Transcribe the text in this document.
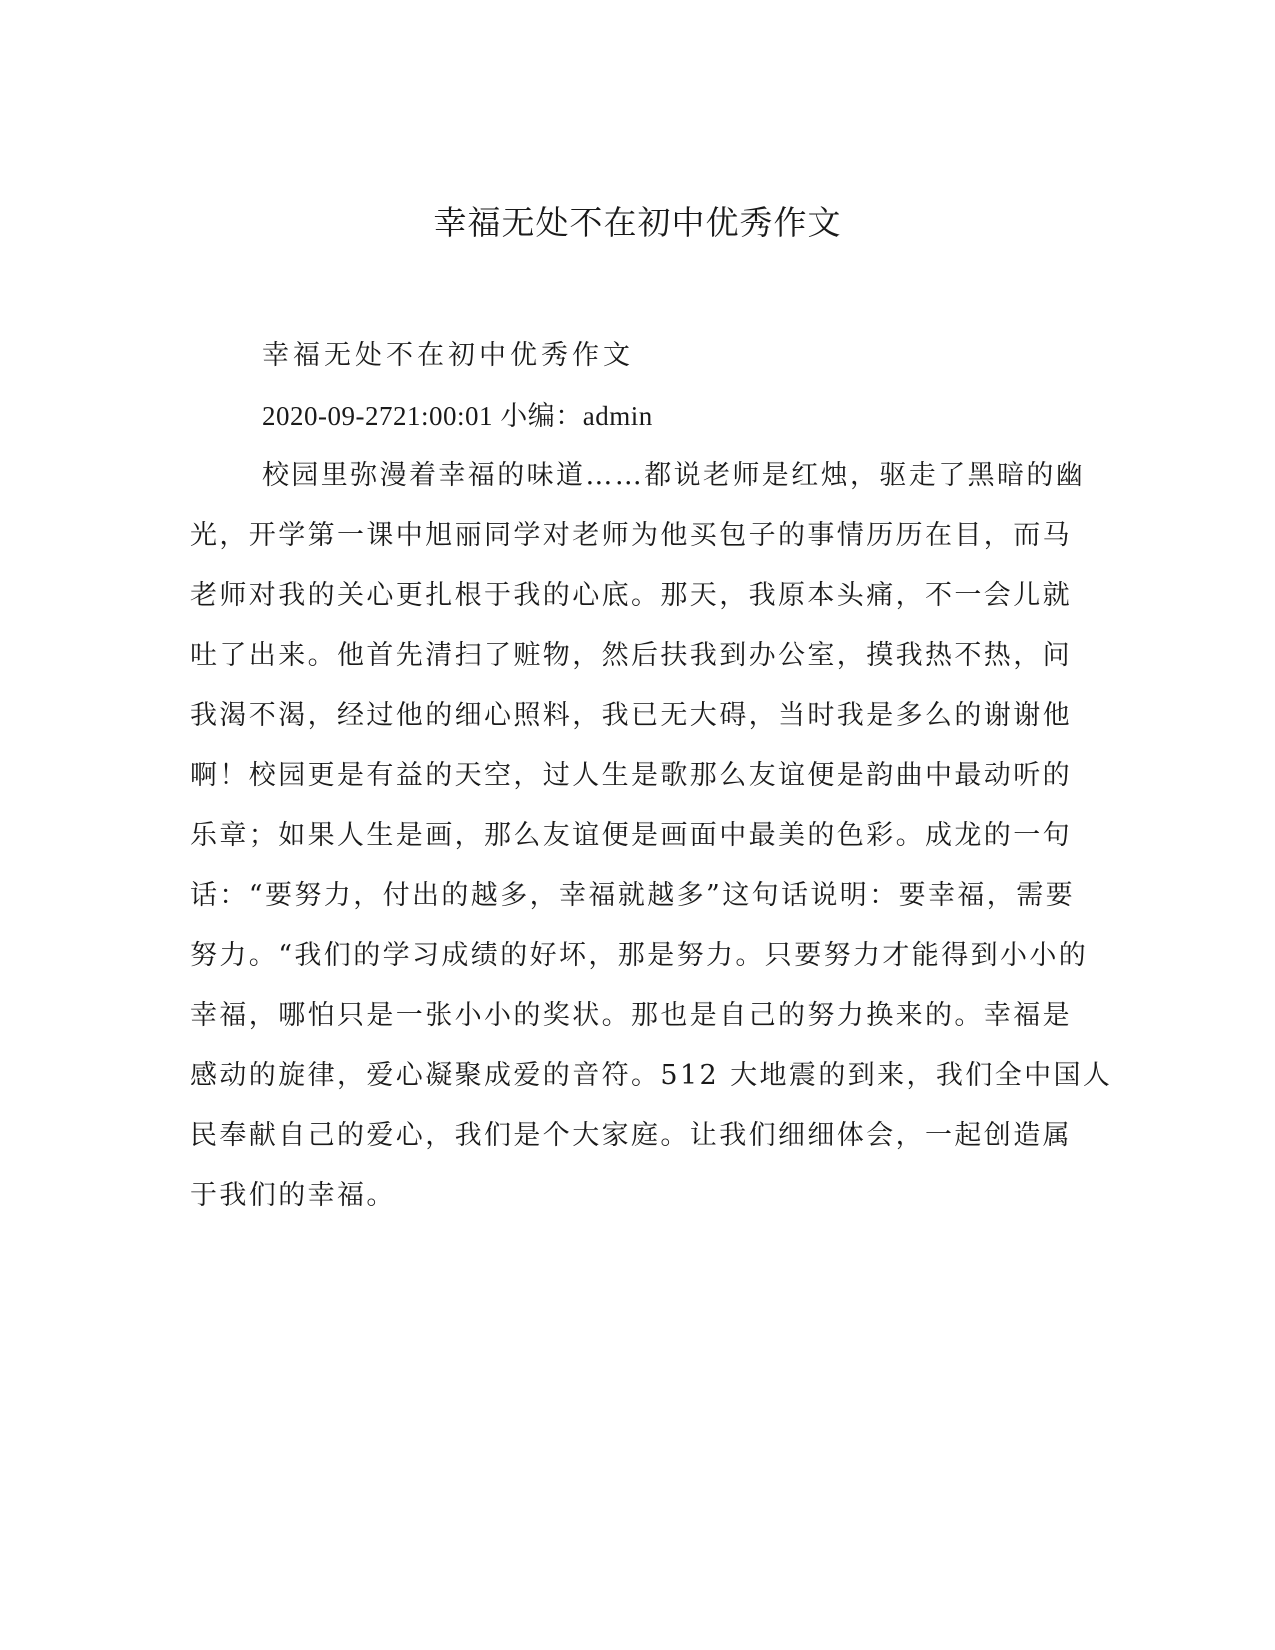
幸福无处不在初中优秀作文
幸福无处不在初中优秀作文
2020-09-2721:00:01 小编：admin
校园里弥漫着幸福的味道……都说老师是红烛，驱走了黑暗的幽
光，开学第一课中旭丽同学对老师为他买包子的事情历历在目，而马
老师对我的关心更扎根于我的心底。那天，我原本头痛，不一会儿就
吐了出来。他首先清扫了赃物，然后扶我到办公室，摸我热不热，问
我渴不渴，经过他的细心照料，我已无大碍，当时我是多么的谢谢他
啊！校园更是有益的天空，过人生是歌那么友谊便是韵曲中最动听的
乐章；如果人生是画，那么友谊便是画面中最美的色彩。成龙的一句
话：“要努力，付出的越多，幸福就越多”这句话说明：要幸福，需要
努力。“我们的学习成绩的好坏，那是努力。只要努力才能得到小小的
幸福，哪怕只是一张小小的奖状。那也是自己的努力换来的。幸福是
感动的旋律，爱心凝聚成爱的音符。512 大地震的到来，我们全中国人
民奉献自己的爱心，我们是个大家庭。让我们细细体会，一起创造属
于我们的幸福。
